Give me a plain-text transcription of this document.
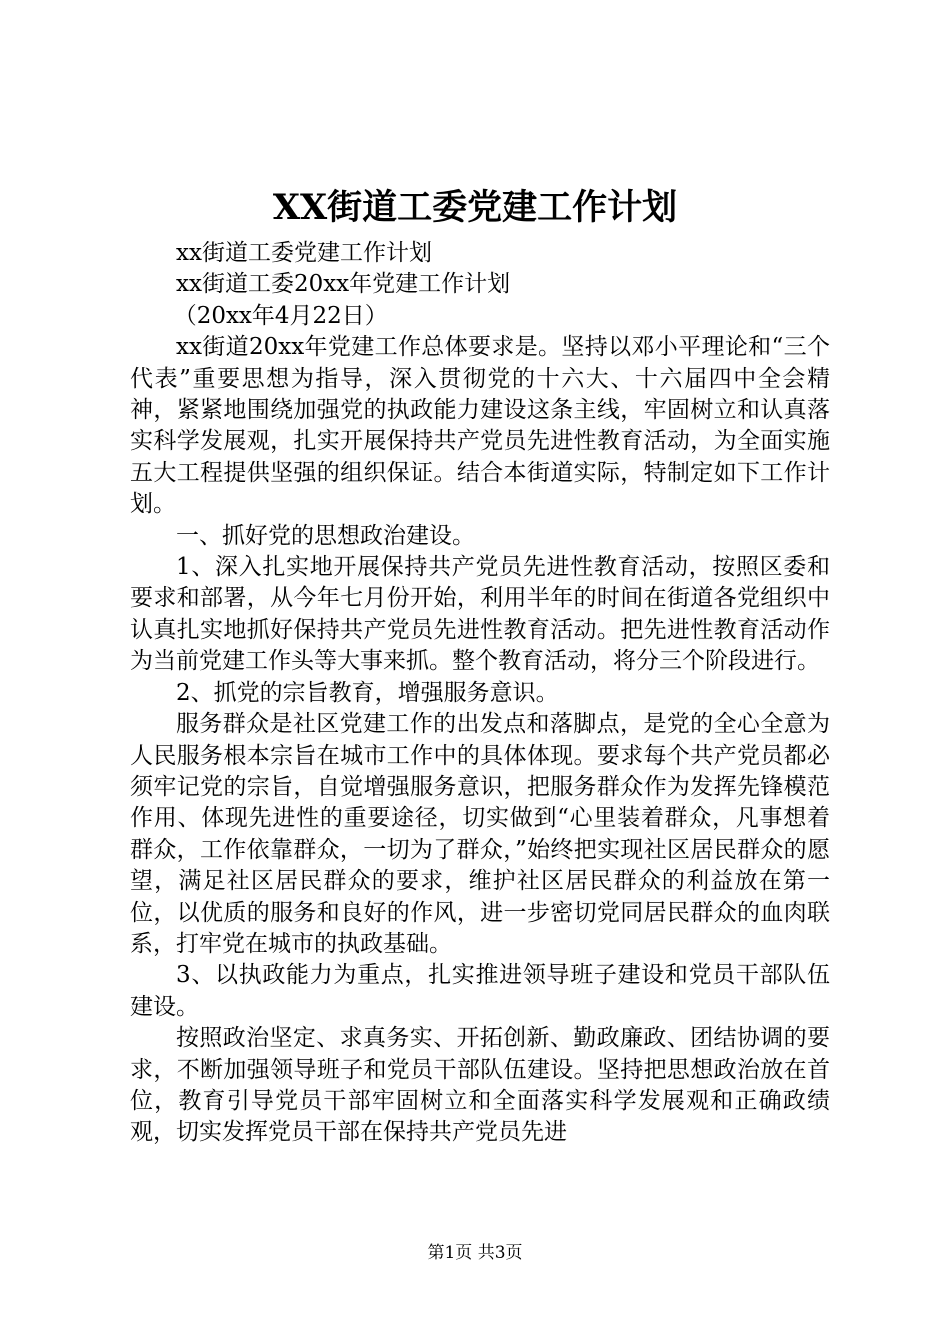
XX街道工委党建工作计划

xx街道工委党建工作计划

xx街道工委20xx年党建工作计划

（20xx年4月22日）

xx街道20xx年党建工作总体要求是。坚持以邓小平理论和“三个代表”重要思想为指导，深入贯彻党的十六大、十六届四中全会精神，紧紧地围绕加强党的执政能力建设这条主线，牢固树立和认真落实科学发展观，扎实开展保持共产党员先进性教育活动，为全面实施五大工程提供坚强的组织保证。结合本街道实际，特制定如下工作计划。

一、抓好党的思想政治建设。

1、深入扎实地开展保持共产党员先进性教育活动，按照区委和要求和部署，从今年七月份开始，利用半年的时间在街道各党组织中认真扎实地抓好保持共产党员先进性教育活动。把先进性教育活动作为当前党建工作头等大事来抓。整个教育活动，将分三个阶段进行。

2、抓党的宗旨教育，增强服务意识。

服务群众是社区党建工作的出发点和落脚点，是党的全心全意为人民服务根本宗旨在城市工作中的具体体现。要求每个共产党员都必须牢记党的宗旨，自觉增强服务意识，把服务群众作为发挥先锋模范作用、体现先进性的重要途径，切实做到“心里装着群众，凡事想着群众，工作依靠群众，一切为了群众，”始终把实现社区居民群众的愿望，满足社区居民群众的要求，维护社区居民群众的利益放在第一位，以优质的服务和良好的作风，进一步密切党同居民群众的血肉联系，打牢党在城市的执政基础。

3、以执政能力为重点，扎实推进领导班子建设和党员干部队伍建设。

按照政治坚定、求真务实、开拓创新、勤政廉政、团结协调的要求，不断加强领导班子和党员干部队伍建设。坚持把思想政治放在首位，教育引导党员干部牢固树立和全面落实科学发展观和正确政绩观，切实发挥党员干部在保持共产党员先进

第1页 共3页
